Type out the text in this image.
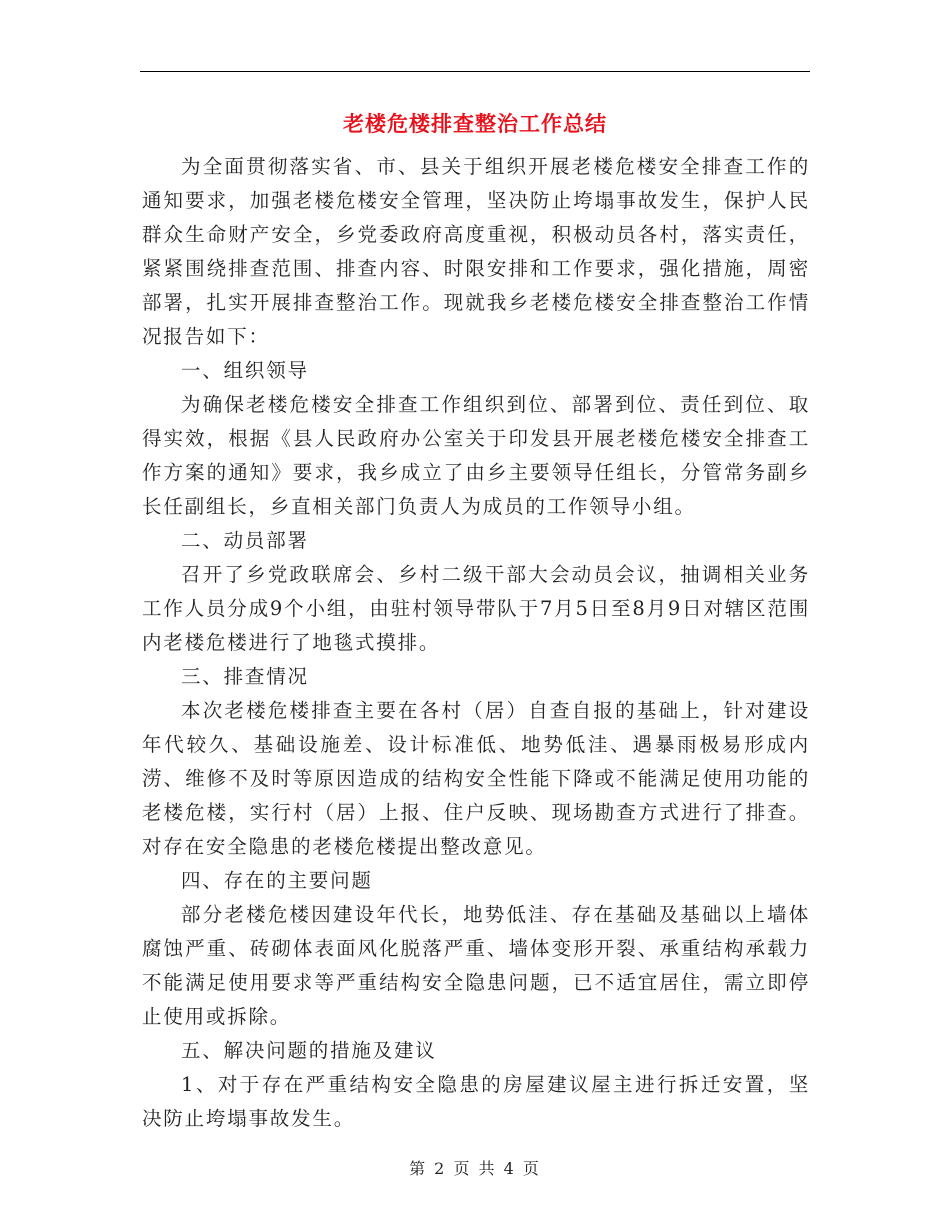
老楼危楼排查整治工作总结

为全面贯彻落实省、市、县关于组织开展老楼危楼安全排查工作的通知要求，加强老楼危楼安全管理，坚决防止垮塌事故发生，保护人民群众生命财产安全，乡党委政府高度重视，积极动员各村，落实责任，紧紧围绕排查范围、排查内容、时限安排和工作要求，强化措施，周密部署，扎实开展排查整治工作。现就我乡老楼危楼安全排查整治工作情况报告如下：

一、组织领导

为确保老楼危楼安全排查工作组织到位、部署到位、责任到位、取得实效，根据《县人民政府办公室关于印发县开展老楼危楼安全排查工作方案的通知》要求，我乡成立了由乡主要领导任组长，分管常务副乡长任副组长，乡直相关部门负责人为成员的工作领导小组。

二、动员部署

召开了乡党政联席会、乡村二级干部大会动员会议，抽调相关业务工作人员分成9个小组，由驻村领导带队于7月5日至8月9日对辖区范围内老楼危楼进行了地毯式摸排。

三、排查情况

本次老楼危楼排查主要在各村（居）自查自报的基础上，针对建设年代较久、基础设施差、设计标准低、地势低洼、遇暴雨极易形成内涝、维修不及时等原因造成的结构安全性能下降或不能满足使用功能的老楼危楼，实行村（居）上报、住户反映、现场勘查方式进行了排查。对存在安全隐患的老楼危楼提出整改意见。

四、存在的主要问题

部分老楼危楼因建设年代长，地势低洼、存在基础及基础以上墙体腐蚀严重、砖砌体表面风化脱落严重、墙体变形开裂、承重结构承载力不能满足使用要求等严重结构安全隐患问题，已不适宜居住，需立即停止使用或拆除。

五、解决问题的措施及建议

1、对于存在严重结构安全隐患的房屋建议屋主进行拆迁安置，坚决防止垮塌事故发生。

第 2 页 共 4 页
